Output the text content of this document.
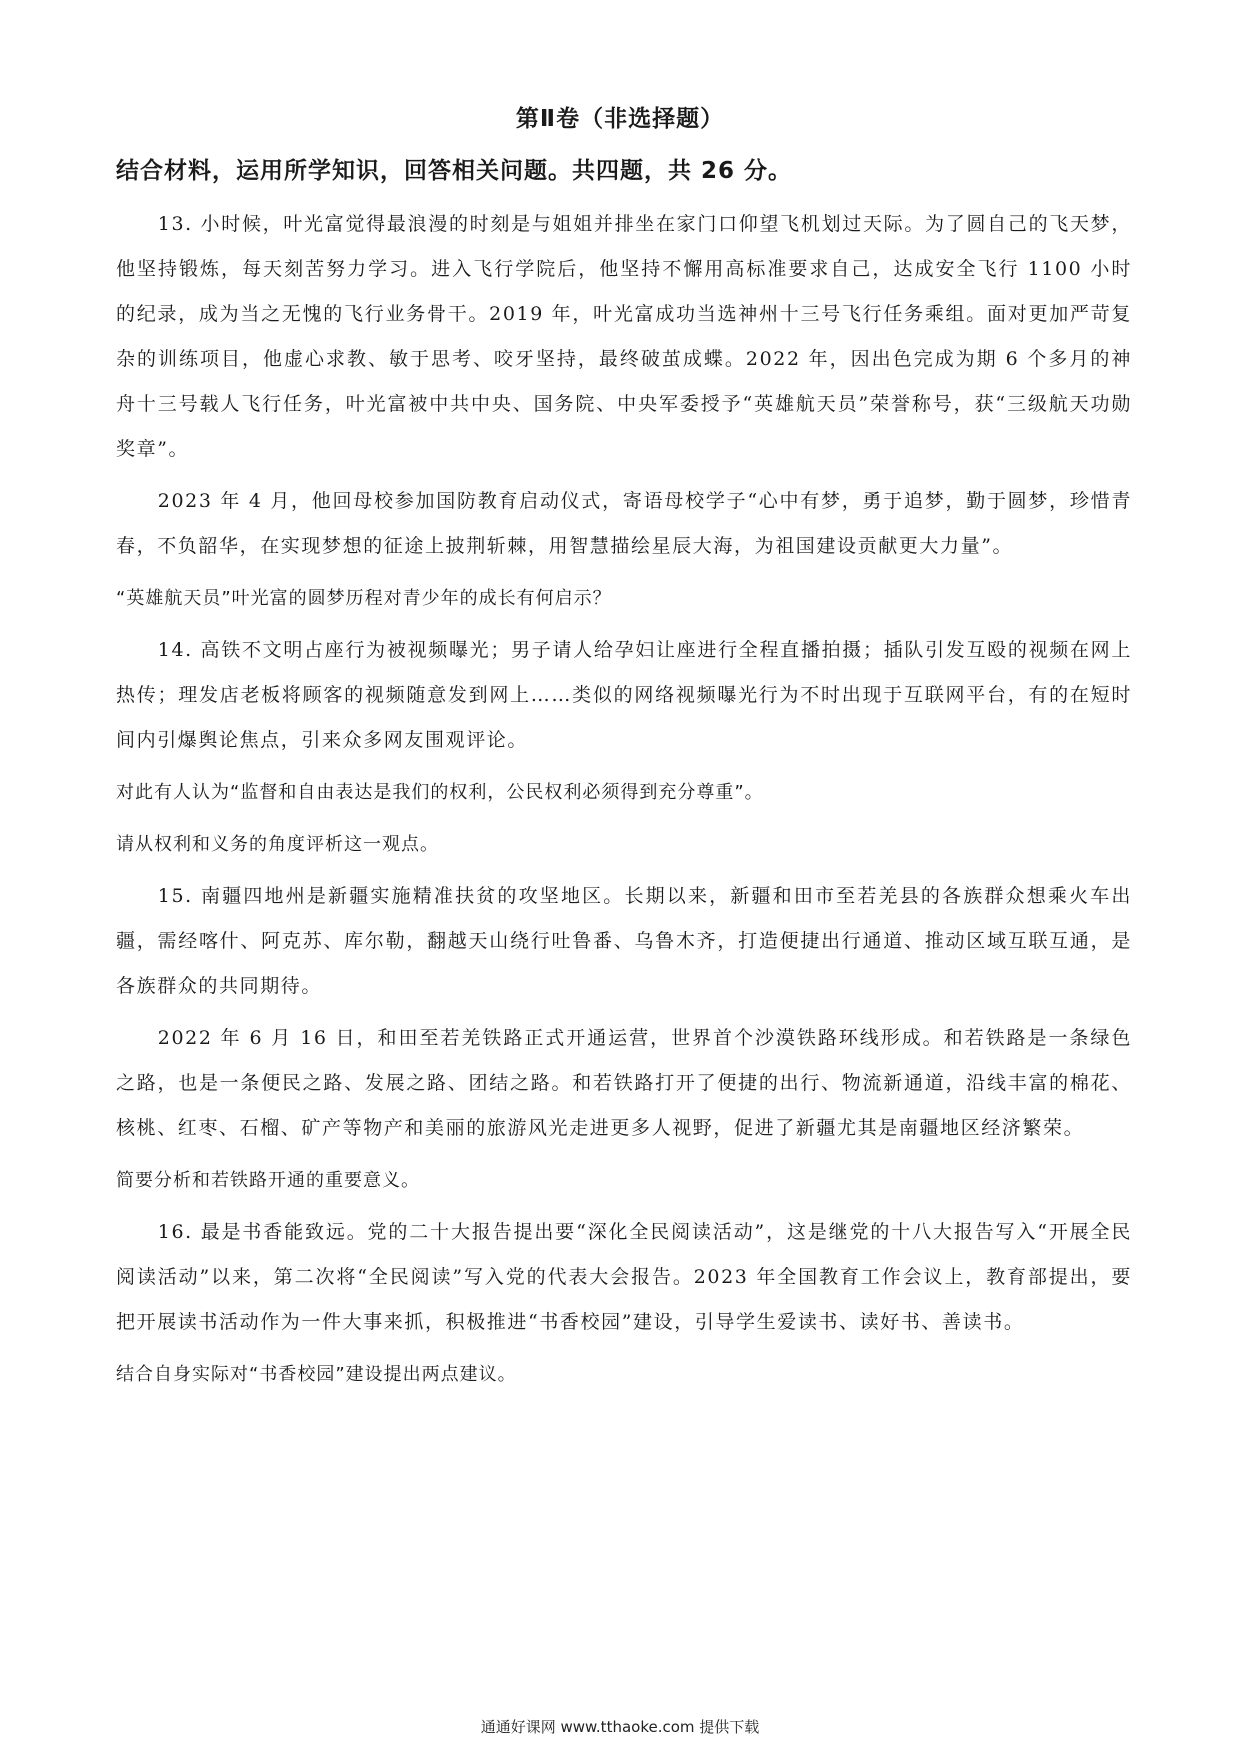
第Ⅱ卷（非选择题）
结合材料，运用所学知识，回答相关问题。共四题，共 26 分。

13. 小时候，叶光富觉得最浪漫的时刻是与姐姐并排坐在家门口仰望飞机划过天际。为了圆自己的飞天梦，他坚持锻炼，每天刻苦努力学习。进入飞行学院后，他坚持不懈用高标准要求自己，达成安全飞行 1100 小时的纪录，成为当之无愧的飞行业务骨干。2019 年，叶光富成功当选神州十三号飞行任务乘组。面对更加严苛复杂的训练项目，他虚心求教、敏于思考、咬牙坚持，最终破茧成蝶。2022 年，因出色完成为期 6 个多月的神舟十三号载人飞行任务，叶光富被中共中央、国务院、中央军委授予“英雄航天员”荣誉称号，获“三级航天功勋奖章”。

2023 年 4 月，他回母校参加国防教育启动仪式，寄语母校学子“心中有梦，勇于追梦，勤于圆梦，珍惜青春，不负韶华，在实现梦想的征途上披荆斩棘，用智慧描绘星辰大海，为祖国建设贡献更大力量”。

“英雄航天员”叶光富的圆梦历程对青少年的成长有何启示？

14. 高铁不文明占座行为被视频曝光；男子请人给孕妇让座进行全程直播拍摄；插队引发互殴的视频在网上热传；理发店老板将顾客的视频随意发到网上……类似的网络视频曝光行为不时出现于互联网平台，有的在短时间内引爆舆论焦点，引来众多网友围观评论。

对此有人认为“监督和自由表达是我们的权利，公民权利必须得到充分尊重”。

请从权利和义务的角度评析这一观点。

15. 南疆四地州是新疆实施精准扶贫的攻坚地区。长期以来，新疆和田市至若羌县的各族群众想乘火车出疆，需经喀什、阿克苏、库尔勒，翻越天山绕行吐鲁番、乌鲁木齐，打造便捷出行通道、推动区域互联互通，是各族群众的共同期待。

2022 年 6 月 16 日，和田至若羌铁路正式开通运营，世界首个沙漠铁路环线形成。和若铁路是一条绿色之路，也是一条便民之路、发展之路、团结之路。和若铁路打开了便捷的出行、物流新通道，沿线丰富的棉花、核桃、红枣、石榴、矿产等物产和美丽的旅游风光走进更多人视野，促进了新疆尤其是南疆地区经济繁荣。

简要分析和若铁路开通的重要意义。

16. 最是书香能致远。党的二十大报告提出要“深化全民阅读活动”，这是继党的十八大报告写入“开展全民阅读活动”以来，第二次将“全民阅读”写入党的代表大会报告。2023 年全国教育工作会议上，教育部提出，要把开展读书活动作为一件大事来抓，积极推进“书香校园”建设，引导学生爱读书、读好书、善读书。

结合自身实际对“书香校园”建设提出两点建议。

通通好课网 www.tthaoke.com 提供下载
